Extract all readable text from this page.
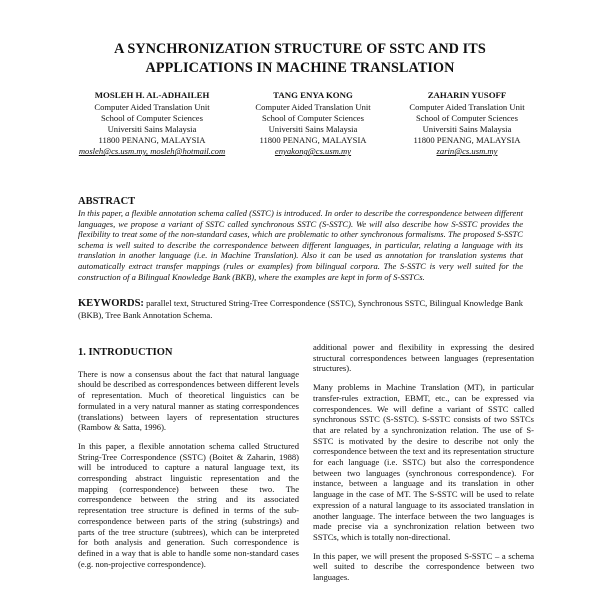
A SYNCHRONIZATION STRUCTURE OF SSTC AND ITS
APPLICATIONS IN MACHINE TRANSLATION
MOSLEH H. AL-ADHAILEH
Computer Aided Translation Unit
School of Computer Sciences
Universiti Sains Malaysia
11800 PENANG, MALAYSIA
mosleh@cs.usm.my, mosleh@hotmail.com
TANG ENYA KONG
Computer Aided Translation Unit
School of Computer Sciences
Universiti Sains Malaysia
11800 PENANG, MALAYSIA
enyakong@cs.usm.my
ZAHARIN YUSOFF
Computer Aided Translation Unit
School of Computer Sciences
Universiti Sains Malaysia
11800 PENANG, MALAYSIA
zarin@cs.usm.my
ABSTRACT
In this paper, a flexible annotation schema called (SSTC) is introduced. In order to describe the correspondence between different languages, we propose a variant of SSTC called synchronous SSTC (S-SSTC). We will also describe how S-SSTC provides the flexibility to treat some of the non-standard cases, which are problematic to other synchronous formalisms. The proposed S-SSTC schema is well suited to describe the correspondence between different languages, in particular, relating a language with its translation in another language (i.e. in Machine Translation). Also it can be used as annotation for translation systems that automatically extract transfer mappings (rules or examples) from bilingual corpora. The S-SSTC is very well suited for the construction of a Bilingual Knowledge Bank (BKB), where the examples are kept in form of S-SSTCs.
KEYWORDS: parallel text, Structured String-Tree Correspondence (SSTC), Synchronous SSTC, Bilingual Knowledge Bank (BKB), Tree Bank Annotation Schema.
1. INTRODUCTION

There is now a consensus about the fact that natural language should be described as correspondences between different levels of representation. Much of theoretical linguistics can be formulated in a very natural manner as stating correspondences (translations) between layers of representation structures (Rambow & Satta, 1996).

In this paper, a flexible annotation schema called Structured String-Tree Correspondence (SSTC) (Boitet & Zaharin, 1988) will be introduced to capture a natural language text, its corresponding abstract linguistic representation and the mapping (correspondence) between these two. The correspondence between the string and its associated representation tree structure is defined in terms of the sub-correspondence between parts of the string (substrings) and parts of the tree structure (subtrees), which can be interpreted for both analysis and generation. Such correspondence is defined in a way that is able to handle some non-standard cases (e.g. non-projective correspondence).

additional power and flexibility in expressing the desired structural correspondences between languages (representation structures).

Many problems in Machine Translation (MT), in particular transfer-rules extraction, EBMT, etc., can be expressed via correspondences. We will define a variant of SSTC called synchronous SSTC (S-SSTC). S-SSTC consists of two SSTCs that are related by a synchronization relation. The use of S-SSTC is motivated by the desire to describe not only the correspondence between the text and its representation structure for each language (i.e. SSTC) but also the correspondence between two languages (synchronous correspondence). For instance, between a language and its translation in other language in the case of MT. The S-SSTC will be used to relate expression of a natural language to its associated translation in another language. The interface between the two languages is made precise via a synchronization relation between two SSTCs, which is totally non-directional.

In this paper, we will present the proposed S-SSTC – a schema well suited to describe the correspondence between two languages.
